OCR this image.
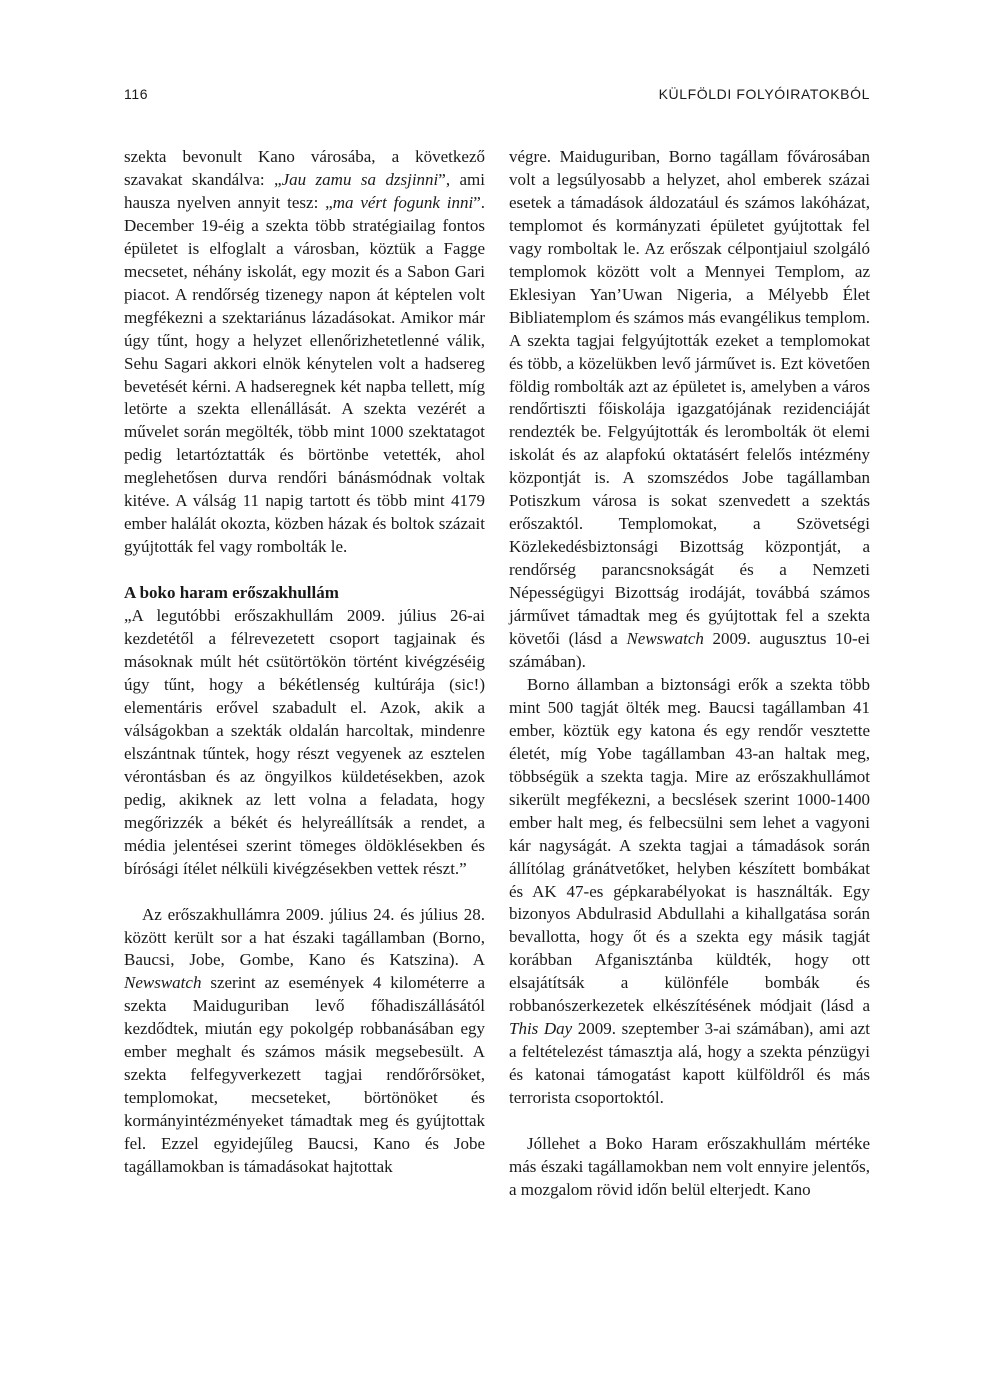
116	KÜLFÖLDI FOLYÓIRATOKBÓL

szekta bevonult Kano városába, a következő szavakat skandálva: „Jau zamu sa dzsjinni”, ami hausza nyelven annyit tesz: „ma vért fogunk inni”. December 19-éig a szekta több stratégiailag fontos épületet is elfoglalt a városban, köztük a Fagge mecsetet, néhány iskolát, egy mozit és a Sabon Gari piacot. A rendőrség tizenegy napon át képtelen volt megfékezni a szektariánus lázadásokat. Amikor már úgy tűnt, hogy a helyzet ellenőrizhetetlenné válik, Sehu Sagari akkori elnök kénytelen volt a hadsereg bevetését kérni. A hadseregnek két napba tellett, míg letörte a szekta ellenállását. A szekta vezérét a művelet során megölték, több mint 1000 szektatagot pedig letartóztatták és börtönbe vetették, ahol meglehetősen durva rendőri bánásmódnak voltak kitéve. A válság 11 napig tartott és több mint 4179 ember halálát okozta, közben házak és boltok százait gyújtották fel vagy rombolták le.

A boko haram erőszakhullám

„A legutóbbi erőszakhullám 2009. július 26-ai kezdetétől a félrevezetett csoport tagjainak és másoknak múlt hét csütörtökön történt kivégzéséig úgy tűnt, hogy a békétlenség kultúrája (sic!) elementáris erővel szabadult el. Azok, akik a válságokban a szekták oldalán harcoltak, mindenre elszántnak tűntek, hogy részt vegyenek az esztelen vérontásban és az öngyilkos küldetésekben, azok pedig, akiknek az lett volna a feladata, hogy megőrizzék a békét és helyreállítsák a rendet, a média jelentései szerint tömeges öldöklésekben és bírósági ítélet nélküli kivégzésekben vettek részt.”

Az erőszakhullámra 2009. július 24. és július 28. között került sor a hat északi tagállamban (Borno, Baucsi, Jobe, Gombe, Kano és Katszina). A Newswatch szerint az események 4 kilométerre a szekta Maiduguriban levő főhadiszállásától kezdődtek, miután egy pokolgép robbanásában egy ember meghalt és számos másik megsebesült. A szekta felfegyverkezett tagjai rendőrőrsöket, templomokat, mecseteket, börtönöket és kormányintézményeket támadtak meg és gyújtottak fel. Ezzel egyidejűleg Baucsi, Kano és Jobe tagállamokban is támadásokat hajtottak

végre. Maiduguriban, Borno tagállam fővárosában volt a legsúlyosabb a helyzet, ahol emberek százai esetek a támadások áldozatául és számos lakóházat, templomot és kormányzati épületet gyújtottak fel vagy romboltak le. Az erőszak célpontjaiul szolgáló templomok között volt a Mennyei Templom, az Eklesiyan Yan’Uwan Nigeria, a Mélyebb Élet Bibliatemplom és számos más evangélikus templom. A szekta tagjai felgyújtották ezeket a templomokat és több, a közelükben levő járművet is. Ezt követően földig rombolták azt az épületet is, amelyben a város rendőrtiszti főiskolája igazgatójának rezidenciáját rendezték be. Felgyújtották és lerombolták öt elemi iskolát és az alapfokú oktatásért felelős intézmény központját is. A szomszédos Jobe tagállamban Potiszkum városa is sokat szenvedett a szektás erőszaktól. Templomokat, a Szövetségi Közlekedésbiztonsági Bizottság központját, a rendőrség parancsnokságát és a Nemzeti Népességügyi Bizottság irodáját, továbbá számos járművet támadtak meg és gyújtottak fel a szekta követői (lásd a Newswatch 2009. augusztus 10-ei számában).

Borno államban a biztonsági erők a szekta több mint 500 tagját ölték meg. Baucsi tagállamban 41 ember, köztük egy katona és egy rendőr vesztette életét, míg Yobe tagállamban 43-an haltak meg, többségük a szekta tagja. Mire az erőszakhullámot sikerült megfékezni, a becslések szerint 1000-1400 ember halt meg, és felbecsülni sem lehet a vagyoni kár nagyságát. A szekta tagjai a támadások során állítólag gránátvetőket, helyben készített bombákat és AK 47-es gépkarabélyokat is használták. Egy bizonyos Abdulrasid Abdullahi a kihallgatása során bevallotta, hogy őt és a szekta egy másik tagját korábban Afganisztánba küldték, hogy ott elsajátítsák a különféle bombák és robbanószerkezetek elkészítésének módjait (lásd a This Day 2009. szeptember 3-ai számában), ami azt a feltételezést támasztja alá, hogy a szekta pénzügyi és katonai támogatást kapott külföldről és más terrorista csoportoktól.

Jóllehet a Boko Haram erőszakhullám mértéke más északi tagállamokban nem volt ennyire jelentős, a mozgalom rövid időn belül elterjedt. Kano
